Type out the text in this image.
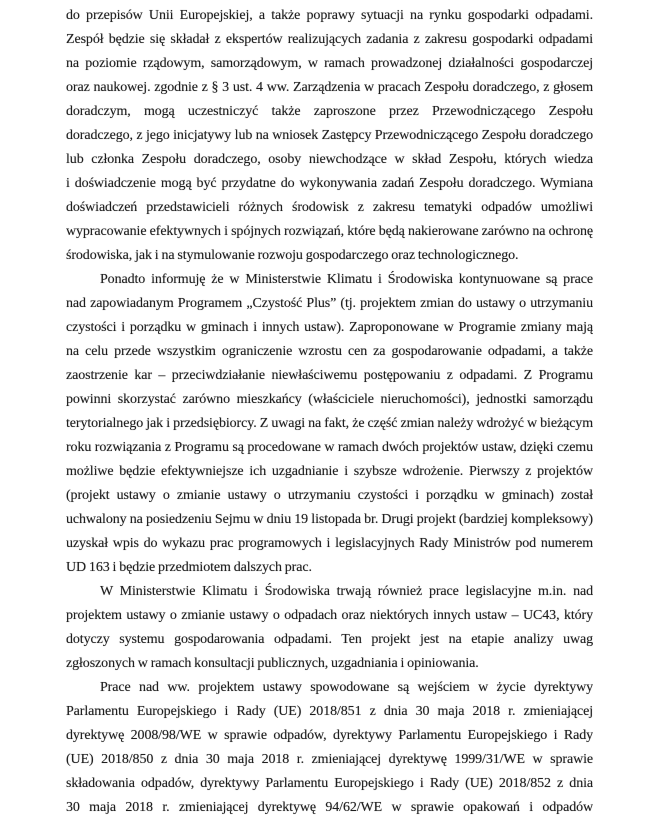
do przepisów Unii Europejskiej, a także poprawy sytuacji na rynku gospodarki odpadami.
Zespół będzie się składał z ekspertów realizujących zadania z zakresu gospodarki odpadami
na poziomie rządowym, samorządowym, w ramach prowadzonej działalności gospodarczej
oraz naukowej. zgodnie z § 3 ust. 4 ww. Zarządzenia w pracach Zespołu doradczego, z głosem
doradczym, mogą uczestniczyć także zaproszone przez Przewodniczącego Zespołu
doradczego, z jego inicjatywy lub na wniosek Zastępcy Przewodniczącego Zespołu doradczego
lub członka Zespołu doradczego, osoby niewchodzące w skład Zespołu, których wiedza
i doświadczenie mogą być przydatne do wykonywania zadań Zespołu doradczego. Wymiana
doświadczeń przedstawicieli różnych środowisk z zakresu tematyki odpadów umożliwi
wypracowanie efektywnych i spójnych rozwiązań, które będą nakierowane zarówno na ochronę
środowiska, jak i na stymulowanie rozwoju gospodarczego oraz technologicznego.
Ponadto informuję że w Ministerstwie Klimatu i Środowiska kontynuowane są prace
nad zapowiadanym Programem „Czystość Plus” (tj. projektem zmian do ustawy o utrzymaniu
czystości i porządku w gminach i innych ustaw). Zaproponowane w Programie zmiany mają
na celu przede wszystkim ograniczenie wzrostu cen za gospodarowanie odpadami, a także
zaostrzenie kar – przeciwdziałanie niewłaściwemu postępowaniu z odpadami. Z Programu
powinni skorzystać zarówno mieszkańcy (właściciele nieruchomości), jednostki samorządu
terytorialnego jak i przedsiębiorcy. Z uwagi na fakt, że część zmian należy wdrożyć w bieżącym
roku rozwiązania z Programu są procedowane w ramach dwóch projektów ustaw, dzięki czemu
możliwe będzie efektywniejsze ich uzgadnianie i szybsze wdrożenie. Pierwszy z projektów
(projekt ustawy o zmianie ustawy o utrzymaniu czystości i porządku w gminach) został
uchwalony na posiedzeniu Sejmu w dniu 19 listopada br. Drugi projekt (bardziej kompleksowy)
uzyskał wpis do wykazu prac programowych i legislacyjnych Rady Ministrów pod numerem
UD 163 i będzie przedmiotem dalszych prac.
W Ministerstwie Klimatu i Środowiska trwają również prace legislacyjne m.in. nad
projektem ustawy o zmianie ustawy o odpadach oraz niektórych innych ustaw – UC43, który
dotyczy systemu gospodarowania odpadami. Ten projekt jest na etapie analizy uwag
zgłoszonych w ramach konsultacji publicznych, uzgadniania i opiniowania.
Prace nad ww. projektem ustawy spowodowane są wejściem w życie dyrektywy
Parlamentu Europejskiego i Rady (UE) 2018/851 z dnia 30 maja 2018 r. zmieniającej
dyrektywę 2008/98/WE w sprawie odpadów, dyrektywy Parlamentu Europejskiego i Rady
(UE) 2018/850 z dnia 30 maja 2018 r. zmieniającej dyrektywę 1999/31/WE w sprawie
składowania odpadów, dyrektywy Parlamentu Europejskiego i Rady (UE) 2018/852 z dnia
30 maja 2018 r. zmieniającej dyrektywę 94/62/WE w sprawie opakowań i odpadów
